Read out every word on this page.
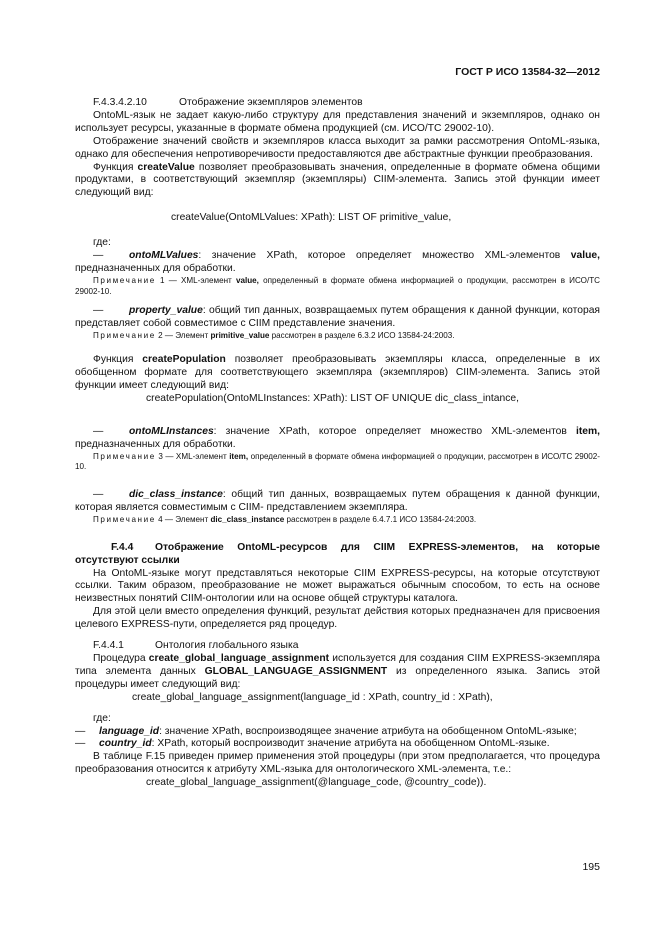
ГОСТ Р ИСО 13584-32—2012

F.4.3.4.2.10	Отображение экземпляров элементов

OntoML-язык не задает какую-либо структуру для представления значений и экземпляров, однако он использует ресурсы, указанные в формате обмена продукцией (см. ИСО/ТС 29002-10).

Отображение значений свойств и экземпляров класса выходит за рамки рассмотрения OntoML-языка, однако для обеспечения непротиворечивости предоставляются две абстрактные функции преобразования.

Функция createValue позволяет преобразовывать значения, определенные в формате обмена общими продуктами, в соответствующий экземпляр (экземпляры) CIIM-элемента. Запись этой функции имеет следующий вид:

createValue(OntoMLValues: XPath): LIST OF primitive_value,

где:

— ontoMLValues: значение XPath, которое определяет множество XML-элементов value, предназначенных для обработки.

Примечание 1 — XML-элемент value, определенный в формате обмена информацией о продукции, рассмотрен в ИСО/ТС 29002-10.

— property_value: общий тип данных, возвращаемых путем обращения к данной функции, которая представляет собой совместимое с CIIM представление значения.

Примечание 2 — Элемент primitive_value рассмотрен в разделе 6.3.2 ИСО 13584-24:2003.

Функция createPopulation позволяет преобразовывать экземпляры класса, определенные в их обобщенном формате для соответствующего экземпляра (экземпляров) CIIM-элемента. Запись этой функции имеет следующий вид:

createPopulation(OntoMLInstances: XPath): LIST OF UNIQUE dic_class_intance,

— ontoMLInstances: значение XPath, которое определяет множество XML-элементов item, предназначенных для обработки.

Примечание 3 — XML-элемент item, определенный в формате обмена информацией о продукции, рассмотрен в ИСО/ТС 29002-10.

— dic_class_instance: общий тип данных, возвращаемых путем обращения к данной функции, которая является совместимым с CIIM- представлением экземпляра.

Примечание 4 — Элемент dic_class_instance рассмотрен в разделе 6.4.7.1 ИСО 13584-24:2003.

F.4.4 Отображение OntoML-ресурсов для CIIM EXPRESS-элементов, на которые отсутствуют ссылки

На OntoML-языке могут представляться некоторые CIIM EXPRESS-ресурсы, на которые отсутствуют ссылки. Таким образом, преобразование не может выражаться обычным способом, то есть на основе неизвестных понятий CIIM-онтологии или на основе общей структуры каталога.

Для этой цели вместо определения функций, результат действия которых предназначен для присвоения целевого EXPRESS-пути, определяется ряд процедур.

F.4.4.1	Онтология глобального языка

Процедура create_global_language_assignment используется для создания CIIM EXPRESS-экземпляра типа элемента данных GLOBAL_LANGUAGE_ASSIGNMENT из определенного языка. Запись этой процедуры имеет следующий вид:

create_global_language_assignment(language_id : XPath, country_id : XPath),

где:

— language_id: значение XPath, воспроизводящее значение атрибута на обобщенном OntoML-языке;

— country_id: XPath, который воспроизводит значение атрибута на обобщенном OntoML-языке.

В таблице F.15 приведен пример применения этой процедуры (при этом предполагается, что процедура преобразования относится к атрибуту XML-языка для онтологического XML-элемента, т.е.:

create_global_language_assignment(@language_code, @country_code)).

195
